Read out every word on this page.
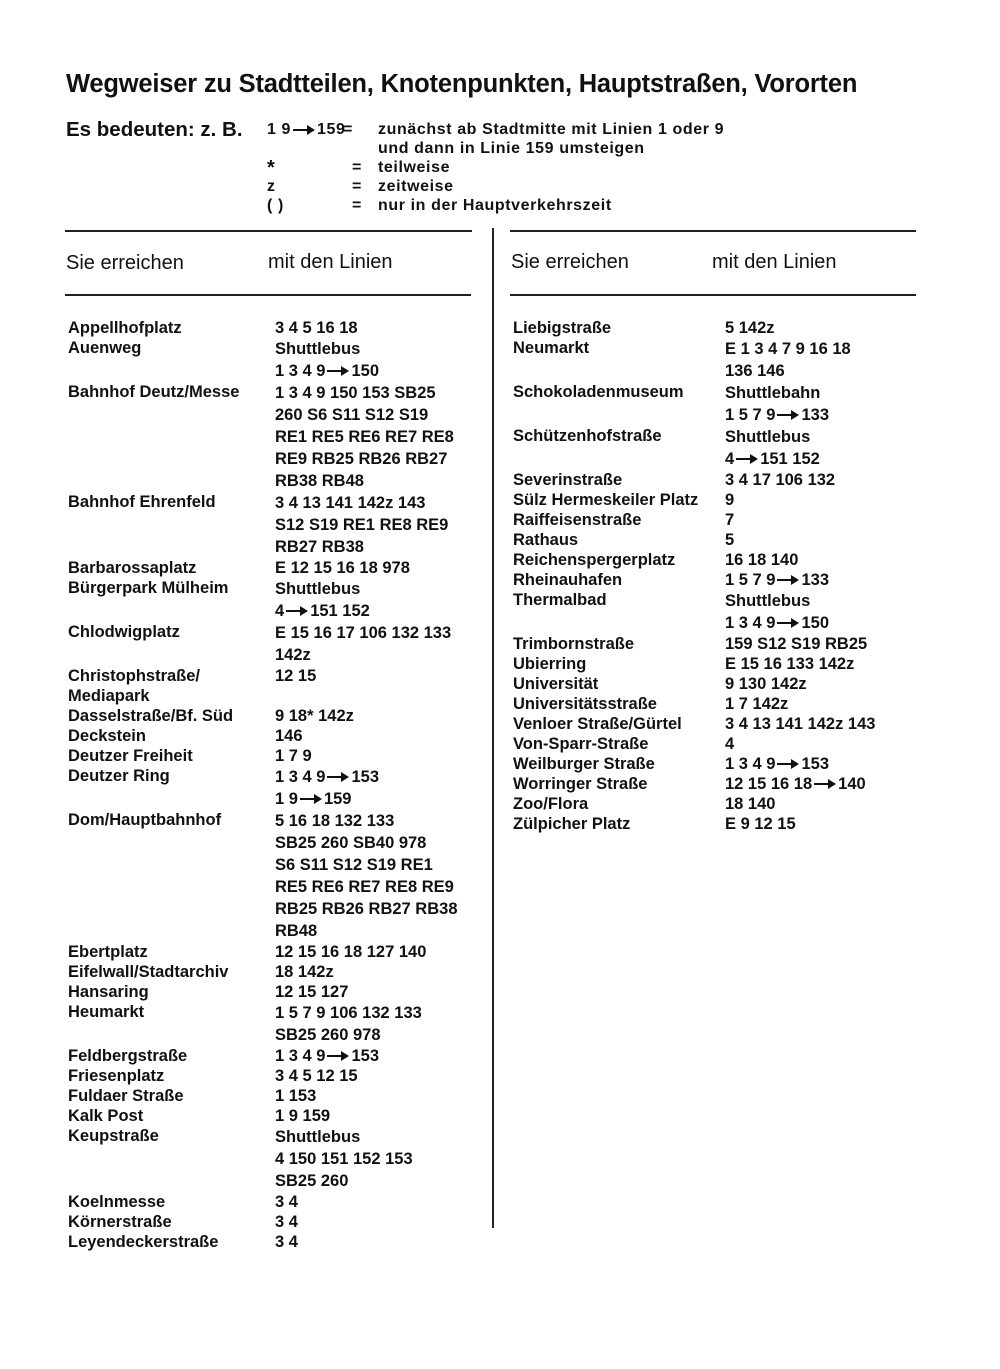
Wegweiser zu Stadtteilen, Knotenpunkten, Hauptstraßen, Vororten
Es bedeuten: z. B. 1 9 159
= zunächst ab Stadtmitte mit Linien 1 oder 9
und dann in Linie 159 umsteigen
*	= teilweise
z	= zeitweise
( )	= nur in der Hauptverkehrszeit
Sie erreichen	mit den Linien	Sie erreichen	mit den Linien
Appellhofplatz	3 4 5 16 18
Auenweg	Shuttlebus
1 3 4 9 150
Bahnhof Deutz/Messe	1 3 4 9 150 153 SB25
260 S6 S11 S12 S19
RE1 RE5 RE6 RE7 RE8
RE9 RB25 RB26 RB27
RB38 RB48
Bahnhof Ehrenfeld	3 4 13 141 142z 143
S12 S19 RE1 RE8 RE9
RB27 RB38
Barbarossaplatz	E 12 15 16 18 978
Bürgerpark Mülheim	Shuttlebus
4 151 152
Chlodwigplatz	E 15 16 17 106 132 133
142z
Christophstraße/	12 15
Mediapark
Dasselstraße/Bf. Süd	9 18* 142z
Deckstein	146
Deutzer Freiheit	1 7 9
Deutzer Ring	1 3 4 9 153
1 9 159
Dom/Hauptbahnhof	5 16 18 132 133
SB25 260 SB40 978
S6 S11 S12 S19 RE1
RE5 RE6 RE7 RE8 RE9
RB25 RB26 RB27 RB38
RB48
Ebertplatz	12 15 16 18 127 140
Eifelwall/Stadtarchiv	18 142z
Hansaring	12 15 127
Heumarkt	1 5 7 9 106 132 133
SB25 260 978
Feldbergstraße	1 3 4 9 153
Friesenplatz	3 4 5 12 15
Fuldaer Straße	1 153
Kalk Post	1 9 159
Keupstraße	Shuttlebus
4 150 151 152 153
SB25 260
Koelnmesse	3 4
Körnerstraße	3 4
Leyendeckerstraße	3 4
Liebigstraße	5 142z
Neumarkt	E 1 3 4 7 9 16 18
136 146
Schokoladenmuseum	Shuttlebahn
1 5 7 9 133
Schützenhofstraße	Shuttlebus
4 151 152
Severinstraße	3 4 17 106 132
Sülz Hermeskeiler Platz	9
Raiffeisenstraße	7
Rathaus	5
Reichenspergerplatz	16 18 140
Rheinauhafen	1 5 7 9 133
Thermalbad	Shuttlebus
1 3 4 9 150
Trimbornstraße	159 S12 S19 RB25
Ubierring	E 15 16 133 142z
Universität	9 130 142z
Universitätsstraße	1 7 142z
Venloer Straße/Gürtel	3 4 13 141 142z 143
Von-Sparr-Straße	4
Weilburger Straße	1 3 4 9 153
Worringer Straße	12 15 16 18 140
Zoo/Flora	18 140
Zülpicher Platz	E 9 12 15
